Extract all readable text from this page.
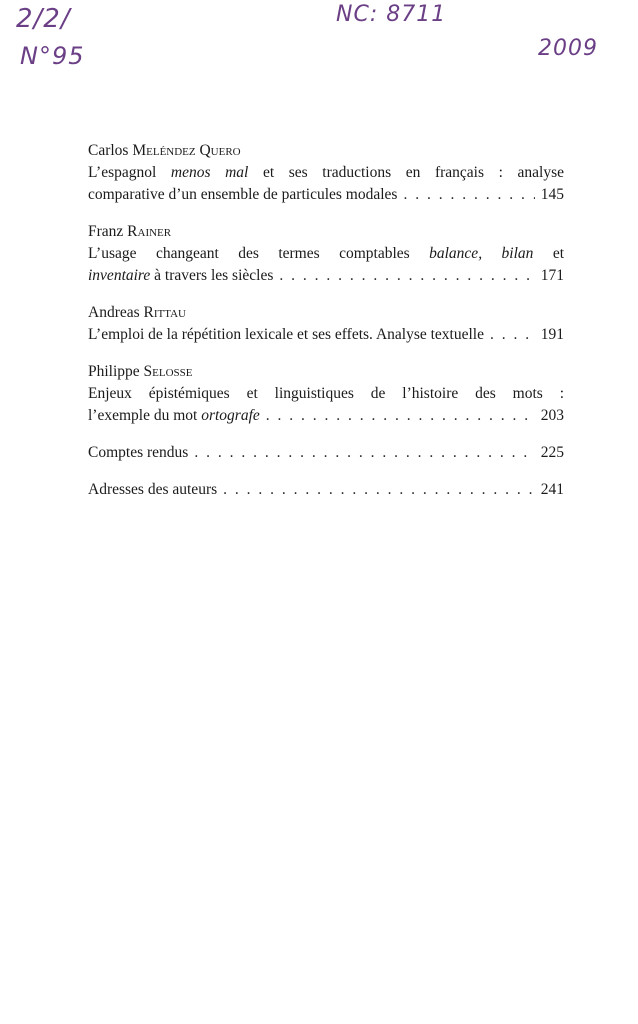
2/2/
N°95
NC: 8711
2009
Carlos Meléndez Quero
L’espagnol menos mal et ses traductions en français : analyse
comparative d’un ensemble de particules modales . . .	145
Franz Rainer
L’usage changeant des termes comptables balance, bilan et
inventaire à travers les siècles . . .	171
Andreas Rittau
L’emploi de la répétition lexicale et ses effets. Analyse textuelle . . .	191
Philippe Selosse
Enjeux épistémiques et linguistiques de l’histoire des mots :
l’exemple du mot ortografe . . .	203
Comptes rendus . . .	225
Adresses des auteurs . . .	241
